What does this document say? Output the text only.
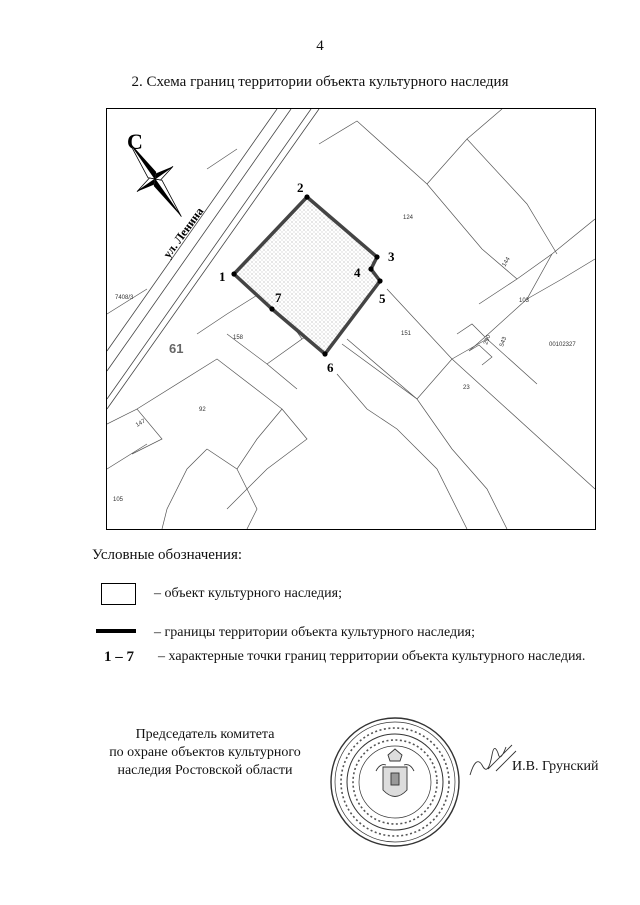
4
2. Схема границ территории объекта культурного наследия
1
2
3
4
5
6
7
С
ул. Ленина
61
7408/3
124
144
103
151
543
290	00102327
23
158
92
147
105
Условные обозначения:
– объект культурного наследия;
– границы территории объекта культурного наследия;
1 – 7 – характерные точки границ территории объекта культурного наследия.
Председатель комитета
по охране объектов культурного
наследия Ростовской области	И.В. Грунский
